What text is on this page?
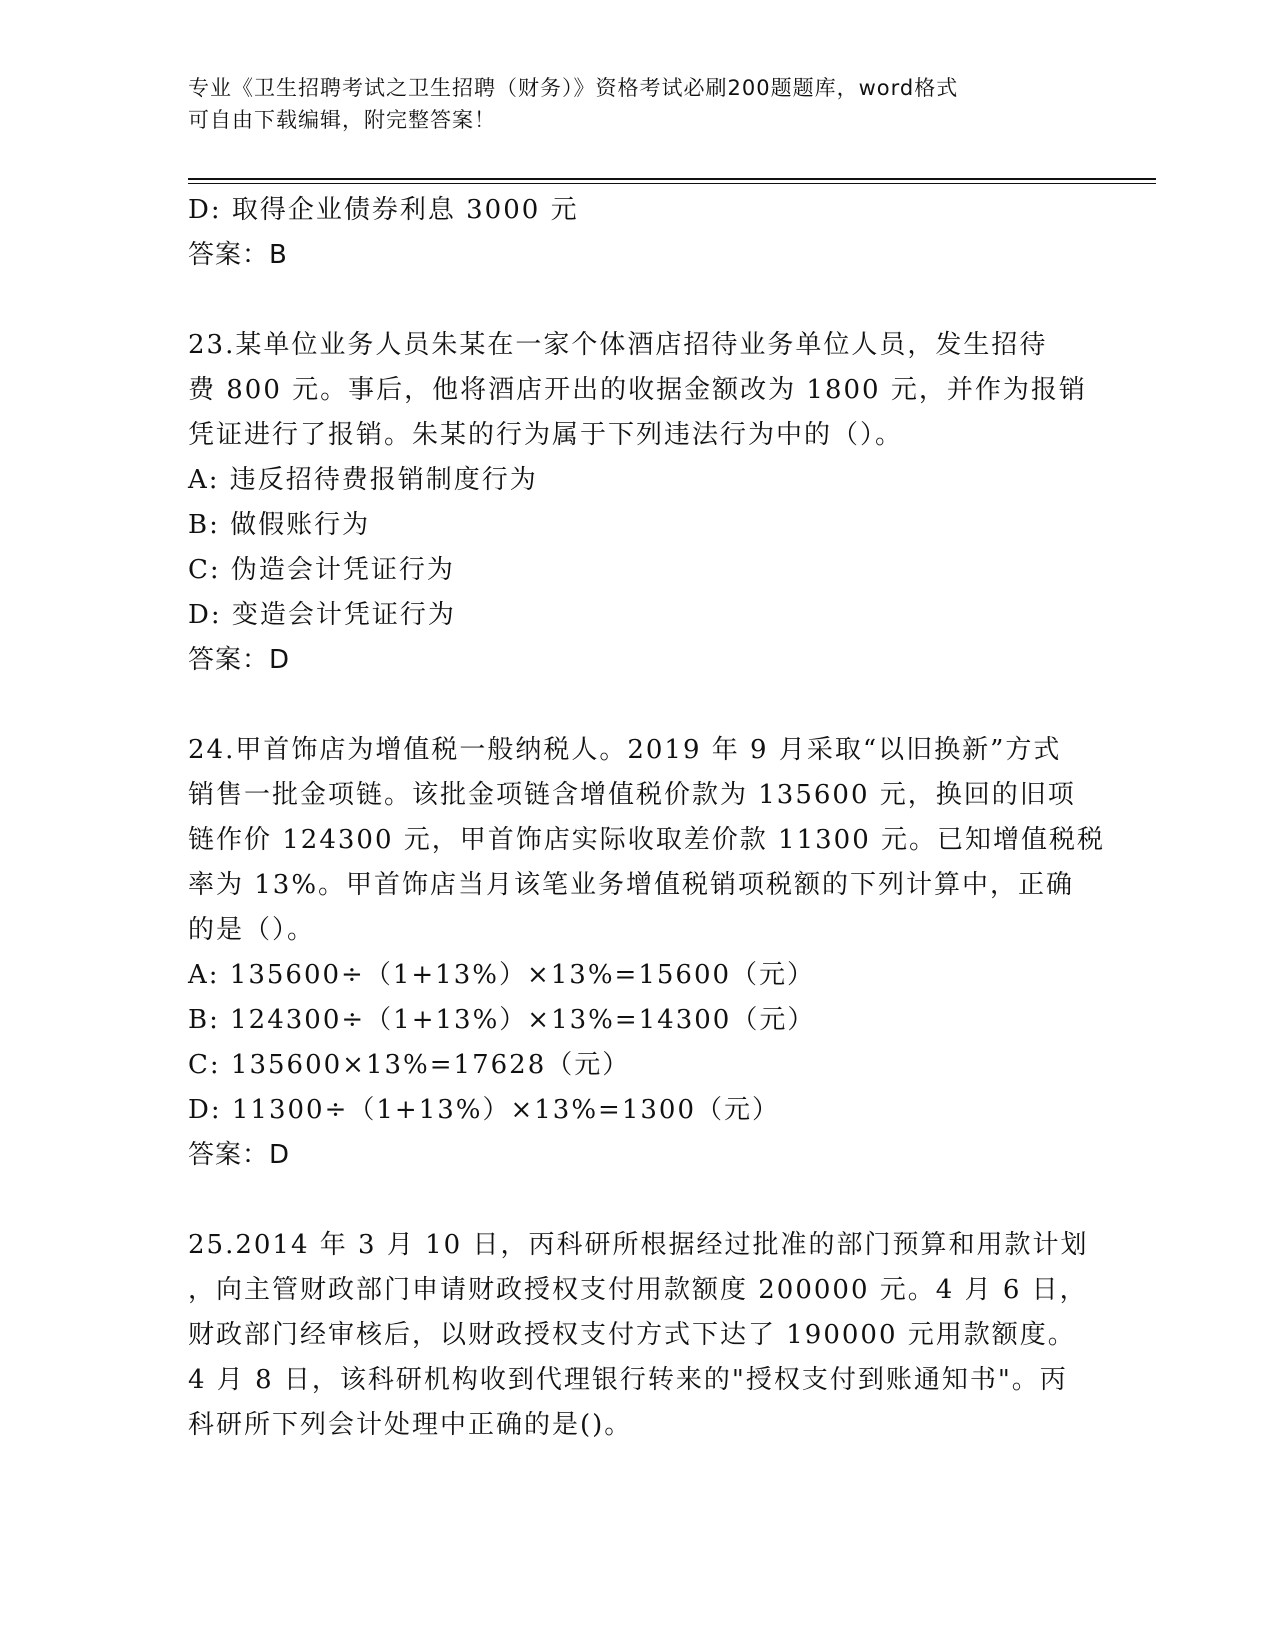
专业《卫生招聘考试之卫生招聘（财务）》资格考试必刷200题题库，word格式
可自由下载编辑，附完整答案！
D: 取得企业债券利息 3000 元
答案：B
23.某单位业务人员朱某在一家个体酒店招待业务单位人员，发生招待
费 800 元。事后，他将酒店开出的收据金额改为 1800 元，并作为报销
凭证进行了报销。朱某的行为属于下列违法行为中的（）。
A: 违反招待费报销制度行为
B: 做假账行为
C: 伪造会计凭证行为
D: 变造会计凭证行为
答案：D
24.甲首饰店为增值税一般纳税人。2019 年 9 月采取“以旧换新”方式
销售一批金项链。该批金项链含增值税价款为 135600 元，换回的旧项
链作价 124300 元，甲首饰店实际收取差价款 11300 元。已知增值税税
率为 13%。甲首饰店当月该笔业务增值税销项税额的下列计算中，正确
的是（）。
A: 135600÷（1+13%）×13%=15600（元）
B: 124300÷（1+13%）×13%=14300（元）
C: 135600×13%=17628（元）
D: 11300÷（1+13%）×13%=1300（元）
答案：D
25.2014 年 3 月 10 日，丙科研所根据经过批准的部门预算和用款计划
，向主管财政部门申请财政授权支付用款额度 200000 元。4 月 6 日，
财政部门经审核后，以财政授权支付方式下达了 190000 元用款额度。
4 月 8 日，该科研机构收到代理银行转来的"授权支付到账通知书"。丙
科研所下列会计处理中正确的是()。
